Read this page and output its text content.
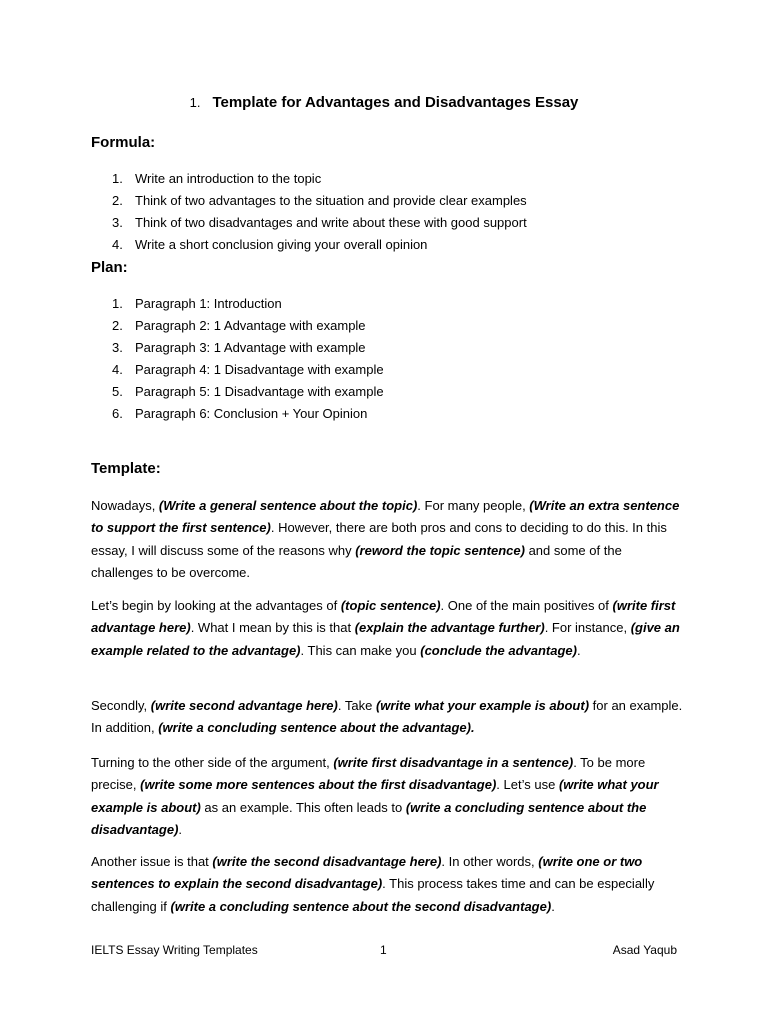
1. Template for Advantages and Disadvantages Essay
Formula:
1. Write an introduction to the topic
2. Think of two advantages to the situation and provide clear examples
3. Think of two disadvantages and write about these with good support
4. Write a short conclusion giving your overall opinion
Plan:
1. Paragraph 1: Introduction
2. Paragraph 2: 1 Advantage with example
3. Paragraph 3: 1 Advantage with example
4. Paragraph 4: 1 Disadvantage with example
5. Paragraph 5: 1 Disadvantage with example
6. Paragraph 6: Conclusion + Your Opinion
Template:

Nowadays, (Write a general sentence about the topic). For many people, (Write an extra sentence to support the first sentence). However, there are both pros and cons to deciding to do this. In this essay, I will discuss some of the reasons why (reword the topic sentence) and some of the challenges to be overcome.

Let’s begin by looking at the advantages of (topic sentence). One of the main positives of (write first advantage here). What I mean by this is that (explain the advantage further). For instance, (give an example related to the advantage). This can make you (conclude the advantage).

Secondly, (write second advantage here). Take (write what your example is about) for an example. In addition, (write a concluding sentence about the advantage).

Turning to the other side of the argument, (write first disadvantage in a sentence). To be more precise, (write some more sentences about the first disadvantage). Let’s use (write what your example is about) as an example. This often leads to (write a concluding sentence about the disadvantage).

Another issue is that (write the second disadvantage here). In other words, (write one or two sentences to explain the second disadvantage). This process takes time and can be especially challenging if (write a concluding sentence about the second disadvantage).

IELTS Essay Writing Templates	1	Asad Yaqub
